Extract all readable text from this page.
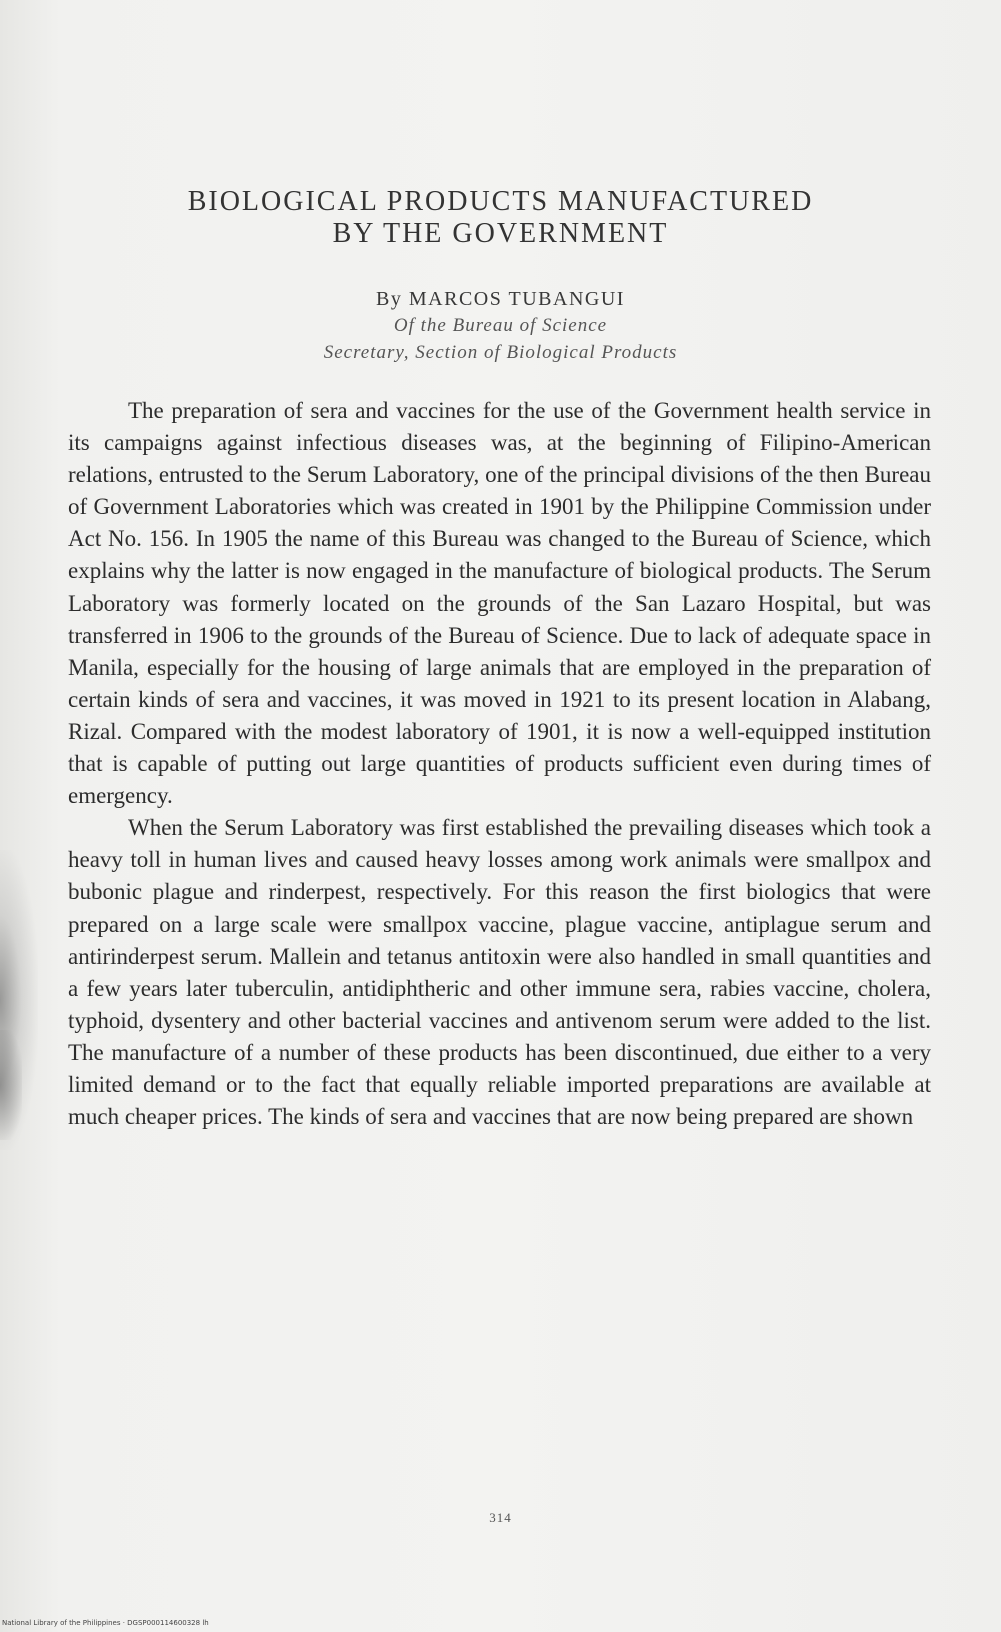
BIOLOGICAL PRODUCTS MANUFACTURED
BY THE GOVERNMENT
By MARCOS TUBANGUI
Of the Bureau of Science
Secretary, Section of Biological Products

The preparation of sera and vaccines for the use of the Government health service in its campaigns against infectious diseases was, at the beginning of Filipino-American relations, entrusted to the Serum Laboratory, one of the principal divisions of the then Bureau of Government Laboratories which was created in 1901 by the Philippine Commission under Act No. 156. In 1905 the name of this Bureau was changed to the Bureau of Science, which explains why the latter is now engaged in the manufacture of biological products. The Serum Laboratory was formerly located on the grounds of the San Lazaro Hospital, but was transferred in 1906 to the grounds of the Bureau of Science. Due to lack of adequate space in Manila, especially for the housing of large animals that are employed in the preparation of certain kinds of sera and vaccines, it was moved in 1921 to its present location in Alabang, Rizal. Compared with the modest laboratory of 1901, it is now a well-equipped institution that is capable of putting out large quantities of products sufficient even during times of emergency.

When the Serum Laboratory was first established the prevailing diseases which took a heavy toll in human lives and caused heavy losses among work animals were smallpox and bubonic plague and rinderpest, respectively. For this reason the first biologics that were prepared on a large scale were smallpox vaccine, plague vaccine, antiplague serum and antirinderpest serum. Mallein and tetanus antitoxin were also handled in small quantities and a few years later tuberculin, antidiphtheric and other immune sera, rabies vaccine, cholera, typhoid, dysentery and other bacterial vaccines and antivenom serum were added to the list. The manufacture of a number of these products has been discontinued, due either to a very limited demand or to the fact that equally reliable imported preparations are available at much cheaper prices. The kinds of sera and vaccines that are now being prepared are shown

314
National Library of the Philippines · DGSP000114600328 lh
